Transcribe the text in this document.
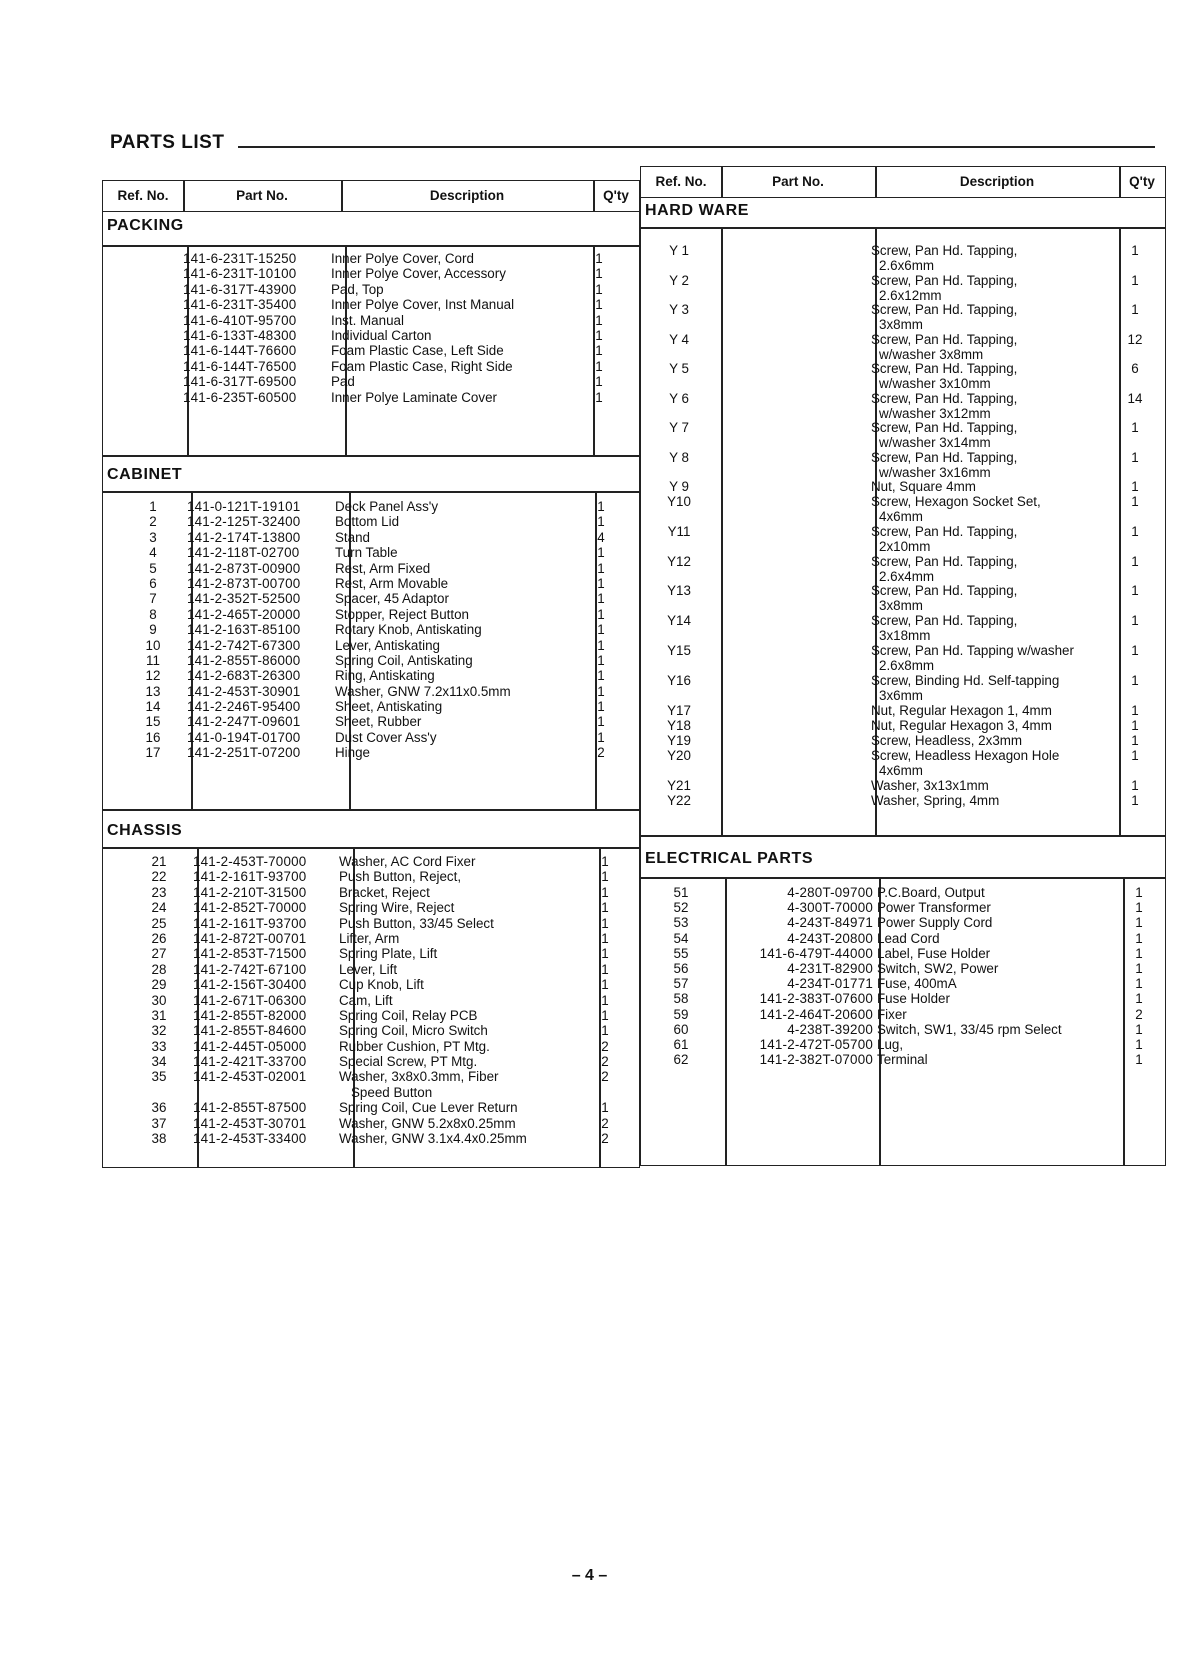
PARTS LIST
Ref. No.	Part No.	Description	Q'ty
PACKING
141-6-231T-15250	Inner Polye Cover, Cord	1
141-6-231T-10100	Inner Polye Cover, Accessory	1
141-6-317T-43900	Pad, Top	1
141-6-231T-35400	Inner Polye Cover, Inst Manual	1
141-6-410T-95700	Inst. Manual	1
141-6-133T-48300	Individual Carton	1
141-6-144T-76600	Foam Plastic Case, Left Side	1
141-6-144T-76500	Foam Plastic Case, Right Side	1
141-6-317T-69500	Pad	1
141-6-235T-60500	Inner Polye Laminate Cover	1
CABINET
1	141-0-121T-19101	Deck Panel Ass'y	1
2	141-2-125T-32400	Bottom Lid	1
3	141-2-174T-13800	Stand	4
4	141-2-118T-02700	Turn Table	1
5	141-2-873T-00900	Rest, Arm Fixed	1
6	141-2-873T-00700	Rest, Arm Movable	1
7	141-2-352T-52500	Spacer, 45 Adaptor	1
8	141-2-465T-20000	Stopper, Reject Button	1
9	141-2-163T-85100	Rotary Knob, Antiskating	1
10	141-2-742T-67300	Lever, Antiskating	1
11	141-2-855T-86000	Spring Coil, Antiskating	1
12	141-2-683T-26300	Ring, Antiskating	1
13	141-2-453T-30901	Washer, GNW 7.2x11x0.5mm	1
14	141-2-246T-95400	Sheet, Antiskating	1
15	141-2-247T-09601	Sheet, Rubber	1
16	141-0-194T-01700	Dust Cover Ass'y	1
17	141-2-251T-07200	Hinge	2
CHASSIS
21	141-2-453T-70000	Washer, AC Cord Fixer	1
22	141-2-161T-93700	Push Button, Reject,	1
23	141-2-210T-31500	Bracket, Reject	1
24	141-2-852T-70000	Spring Wire, Reject	1
25	141-2-161T-93700	Push Button, 33/45 Select	1
26	141-2-872T-00701	Lifter, Arm	1
27	141-2-853T-71500	Spring Plate, Lift	1
28	141-2-742T-67100	Lever, Lift	1
29	141-2-156T-30400	Cup Knob, Lift	1
30	141-2-671T-06300	Cam, Lift	1
31	141-2-855T-82000	Spring Coil, Relay PCB	1
32	141-2-855T-84600	Spring Coil, Micro Switch	1
33	141-2-445T-05000	Rubber Cushion, PT Mtg.	2
34	141-2-421T-33700	Special Screw, PT Mtg.	2
35	141-2-453T-02001	Washer, 3x8x0.3mm, Fiber
Speed Button
2
36	141-2-855T-87500	Spring Coil, Cue Lever Return	1
37	141-2-453T-30701	Washer, GNW 5.2x8x0.25mm	2
38	141-2-453T-33400	Washer, GNW 3.1x4.4x0.25mm	2
Ref. No.	Part No.	Description	Q'ty
HARD WARE
Y 1	Screw, Pan Hd. Tapping,
2.6x6mm
1
Y 2	Screw, Pan Hd. Tapping,
2.6x12mm
1
Y 3	Screw, Pan Hd. Tapping,
3x8mm
1
Y 4	Screw, Pan Hd. Tapping,
w/washer 3x8mm
12
Y 5	Screw, Pan Hd. Tapping,
w/washer 3x10mm
6
Y 6	Screw, Pan Hd. Tapping,
w/washer 3x12mm
14
Y 7	Screw, Pan Hd. Tapping,
w/washer 3x14mm
1
Y 8	Screw, Pan Hd. Tapping,
w/washer 3x16mm
1
Y 9	Nut, Square 4mm	1
Y10	Screw, Hexagon Socket Set,
4x6mm
1
Y11	Screw, Pan Hd. Tapping,
2x10mm
1
Y12	Screw, Pan Hd. Tapping,
2.6x4mm
1
Y13	Screw, Pan Hd. Tapping,
3x8mm
1
Y14	Screw, Pan Hd. Tapping,
3x18mm
1
Y15	Screw, Pan Hd. Tapping w/washer
2.6x8mm
1
Y16	Screw, Binding Hd. Self-tapping
3x6mm
1
Y17	Nut, Regular Hexagon 1, 4mm	1
Y18	Nut, Regular Hexagon 3, 4mm	1
Y19	Screw, Headless, 2x3mm	1
Y20	Screw, Headless Hexagon Hole
4x6mm
1
Y21	Washer, 3x13x1mm	1
Y22	Washer, Spring, 4mm	1
ELECTRICAL PARTS
51	4-280T-09700 P.C.Board, Output	1
52	4-300T-70000 Power Transformer	1
53	4-243T-84971 Power Supply Cord	1
54	4-243T-20800 Lead Cord	1
55	141-6-479T-44000 Label, Fuse Holder	1
56	4-231T-82900 Switch, SW2, Power	1
57	4-234T-01771 Fuse, 400mA	1
58	141-2-383T-07600 Fuse Holder	1
59	141-2-464T-20600 Fixer	2
60	4-238T-39200 Switch, SW1, 33/45 rpm Select	1
61	141-2-472T-05700 Lug,	1
62	141-2-382T-07000 Terminal	1
– 4 –
